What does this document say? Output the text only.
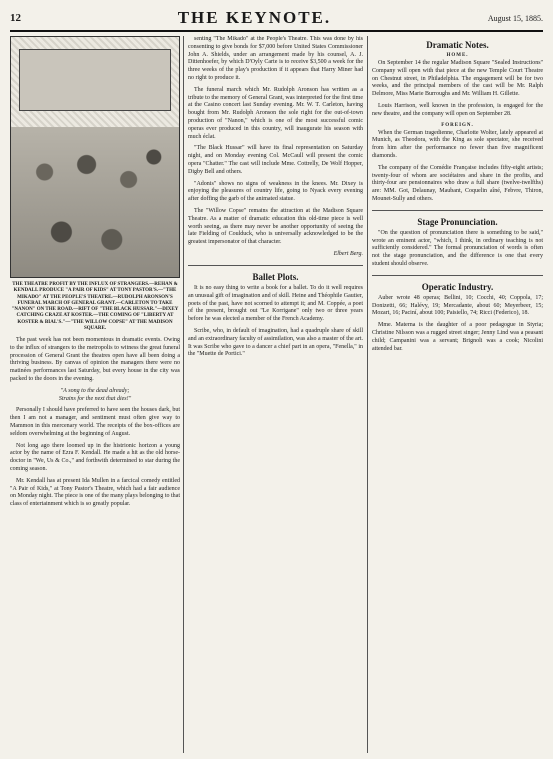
12	THE KEYNOTE.	August 15, 1885.
THE THEATRE PROFIT BY THE INFLUX OF STRANGERS.—REHAN & KENDALL PRODUCE "A PAIR OF KIDS" AT TONY PASTOR'S.—"THE MIKADO" AT THE PEOPLE'S THEATRE.—RUDOLPH ARONSON'S FUNERAL MARCH OF GENERAL GRANT.—CARLETON TO TAKE "NANON" ON THE ROAD.—RIFT OF "THE BLACK HUSSAR."—DIXEY CATCHING CRAZE AT KOSTER.—THE COMING OF "LIBERTY AT KOSTER & BIAL'S."—"THE WILLOW COPSE" AT THE MADISON SQUARE.

The past week has not been momentous in dramatic events. Owing to the influx of strangers to the metropolis to witness the great funeral procession of General Grant the theatres open have all been doing a thriving business. By canvas of opinion the managers there were no matinées performances last Saturday, but every house in the city was packed to the doors in the evening.

"A song to the dead already;
Strains for the next that dies!"

Personally I should have preferred to have seen the houses dark, but then I am not a manager, and sentiment must often give way to Mammon in this mercenary world. The receipts of the box-offices are seldom overwhelming at the beginning of August.

Not long ago there loomed up in the histrionic horizon a young actor by the name of Ezra F. Kendall. He made a hit as the old horse-doctor in "We, Us & Co.," and forthwith determined to star during the coming season.

Mr. Kendall has at present Ida Mullen in a farcical comedy entitled "A Pair of Kids," at Tony Pastor's Theatre, which had a fair audience on Monday night. The piece is one of the many plays belonging to that class of entertainment which is so greatly popular.

senting "The Mikado" at the People's Theatre. This was done by his consenting to give bonds for $7,000 before United States Commissioner John A. Shields, under an arrangement made by his counsel, A. J. Dittenhoefer, by which D'Oyly Carte is to receive $3,500 a week for the three weeks of the play's production if it appears that Harry Miner had no right to produce it.

The funeral march which Mr. Rudolph Aronson has written as a tribute to the memory of General Grant, was interpreted for the first time at the Casino concert last Sunday evening. Mr. W. T. Carleton, having bought from Mr. Rudolph Aronson the sole right for the out-of-town production of "Nanon," which is one of the most successful comic operas ever produced in this country, will inaugurate his season with much éclat.

"The Black Hussar" will have its final representation on Saturday night, and on Monday evening Col. McCaull will present the comic opera "Chatter." The cast will include Mme. Cottrelly, De Wolf Hopper, Digby Bell and others.

"Adonis" shows no signs of weakness in the knees. Mr. Dixey is enjoying the pleasures of country life, going to Nyack every evening after doffing the garb of the animated statue.

The "Willow Copse" remains the attraction at the Madison Square Theatre. As a matter of dramatic education this old-time piece is well worth seeing, as there may never be another opportunity of seeing the late Fielding of Coulduck, who is universally acknowledged to be the greatest impersonator of that character.

Elbert Berg.
Ballet Plots.

It is no easy thing to write a book for a ballet. To do it well requires an unusual gift of imagination and of skill. Heine and Théophile Gautier, poets of the past, have not scorned to attempt it; and M. Coppée, a poet of the present, brought out "Le Korrigane" only two or three years before he was elected a member of the French Academy.

Scribe, who, in default of imagination, had a quadruple share of skill and an extraordinary faculty of assimilation, was also a master of the art. It was Scribe who gave to a dancer a chief part in an opera, "Fenella," in the "Muette de Portici."

Dramatic Notes.
HOME.

On September 14 the regular Madison Square "Sealed Instructions" Company will open with that piece at the new Temple Court Theatre on Chestnut street, in Philadelphia. The engagement will be for two weeks, and the principal members of the cast will be Mr. Ralph Delmore, Miss Marie Burroughs and Mr. William H. Gillette.

Louis Harrison, well known in the profession, is engaged for the new theatre, and the company will open on September 28.

FOREIGN.

When the German tragedienne, Charlotte Wolter, lately appeared at Munich, as Theodora, with the King as sole spectator, she received from him after the performance no fewer than five magnificent diamonds.

The company of the Comédie Française includes fifty-eight artists; twenty-four of whom are sociétaires and share in the profits, and thirty-four are pensionnaires who draw a full share (twelve-twelfths) are: MM. Got, Delaunay, Maubant, Coquelin aîné, Febvre, Thiron, Mounet-Sully and others.

Stage Pronunciation.

"On the question of pronunciation there is something to be said," wrote an eminent actor, "which, I think, in ordinary teaching is not sufficiently considered." The formal pronunciation of words is often not the stage pronunciation, and the difference is one that every student should observe.

Operatic Industry.

Auber wrote 48 operas; Bellini, 10; Cocchi, 40; Coppola, 17; Donizetti, 66; Halévy, 19; Mercadante, about 60; Meyerbeer, 15; Mozart, 16; Paciní, about 100; Paisiello, 74; Ricci (Federico), 18.

Mme. Materna is the daughter of a poor pedagogue in Styria; Christine Nilsson was a rugged street singer; Jenny Lind was a peasant child; Campanini was a servant; Brignoli was a cook; Nicolini attended bar.
